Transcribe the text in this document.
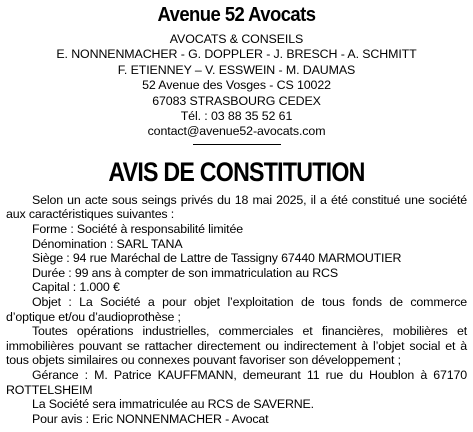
Avenue 52 Avocats
AVOCATS & CONSEILS
E. NONNENMACHER - G. DOPPLER - J. BRESCH - A. SCHMITT
F. ETIENNEY – V. ESSWEIN - M. DAUMAS
52 Avenue des Vosges - CS 10022
67083 STRASBOURG CEDEX
Tél. : 03 88 35 52 61
contact@avenue52-avocats.com
AVIS DE CONSTITUTION

Selon un acte sous seings privés du 18 mai 2025, il a été constitué une société aux caractéristiques suivantes :

Forme : Société à responsabilité limitée

Dénomination : SARL TANA

Siège : 94 rue Maréchal de Lattre de Tassigny 67440 MARMOUTIER

Durée : 99 ans à compter de son immatriculation au RCS

Capital : 1.000 €

Objet : La Société a pour objet l’exploitation de tous fonds de commerce d’optique et/ou d’audioprothèse ;

Toutes opérations industrielles, commerciales et financières, mobilières et immobilières pouvant se rattacher directement ou indirectement à l’objet social et à tous objets similaires ou connexes pouvant favoriser son développement ;

Gérance : M. Patrice KAUFFMANN, demeurant 11 rue du Houblon à 67170 ROTTELSHEIM

La Société sera immatriculée au RCS de SAVERNE.

Pour avis : Eric NONNENMACHER - Avocat
